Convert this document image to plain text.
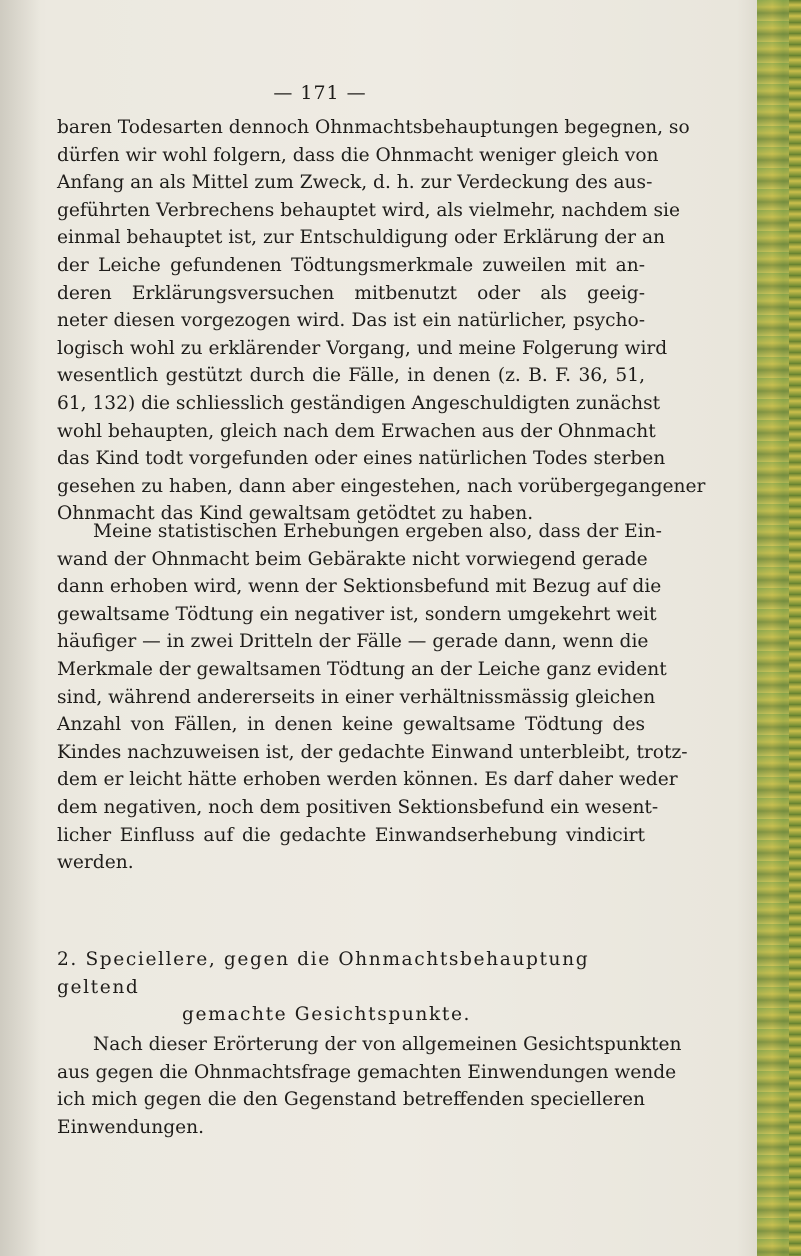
— 171 —
baren Todesarten dennoch Ohnmachtsbehauptungen begegnen, so
dürfen wir wohl folgern, dass die Ohnmacht weniger gleich von
Anfang an als Mittel zum Zweck, d. h. zur Verdeckung des aus-
geführten Verbrechens behauptet wird, als vielmehr, nachdem sie
einmal behauptet ist, zur Entschuldigung oder Erklärung der an
der Leiche gefundenen Tödtungsmerkmale zuweilen mit an-
deren Erklärungsversuchen mitbenutzt oder als geeig-
neter diesen vorgezogen wird. Das ist ein natürlicher, psycho-
logisch wohl zu erklärender Vorgang, und meine Folgerung wird
wesentlich gestützt durch die Fälle, in denen (z. B. F. 36, 51,
61, 132) die schliesslich geständigen Angeschuldigten zunächst
wohl behaupten, gleich nach dem Erwachen aus der Ohnmacht
das Kind todt vorgefunden oder eines natürlichen Todes sterben
gesehen zu haben, dann aber eingestehen, nach vorübergegangener
Ohnmacht das Kind gewaltsam getödtet zu haben.
Meine statistischen Erhebungen ergeben also, dass der Ein-
wand der Ohnmacht beim Gebärakte nicht vorwiegend gerade
dann erhoben wird, wenn der Sektionsbefund mit Bezug auf die
gewaltsame Tödtung ein negativer ist, sondern umgekehrt weit
häufiger — in zwei Dritteln der Fälle — gerade dann, wenn die
Merkmale der gewaltsamen Tödtung an der Leiche ganz evident
sind, während andererseits in einer verhältnissmässig gleichen
Anzahl von Fällen, in denen keine gewaltsame Tödtung des
Kindes nachzuweisen ist, der gedachte Einwand unterbleibt, trotz-
dem er leicht hätte erhoben werden können. Es darf daher weder
dem negativen, noch dem positiven Sektionsbefund ein wesent-
licher Einfluss auf die gedachte Einwandserhebung vindicirt
werden.
2. Speciellere, gegen die Ohnmachtsbehauptung geltend
gemachte Gesichtspunkte.
Nach dieser Erörterung der von allgemeinen Gesichtspunkten
aus gegen die Ohnmachtsfrage gemachten Einwendungen wende
ich mich gegen die den Gegenstand betreffenden specielleren
Einwendungen.
